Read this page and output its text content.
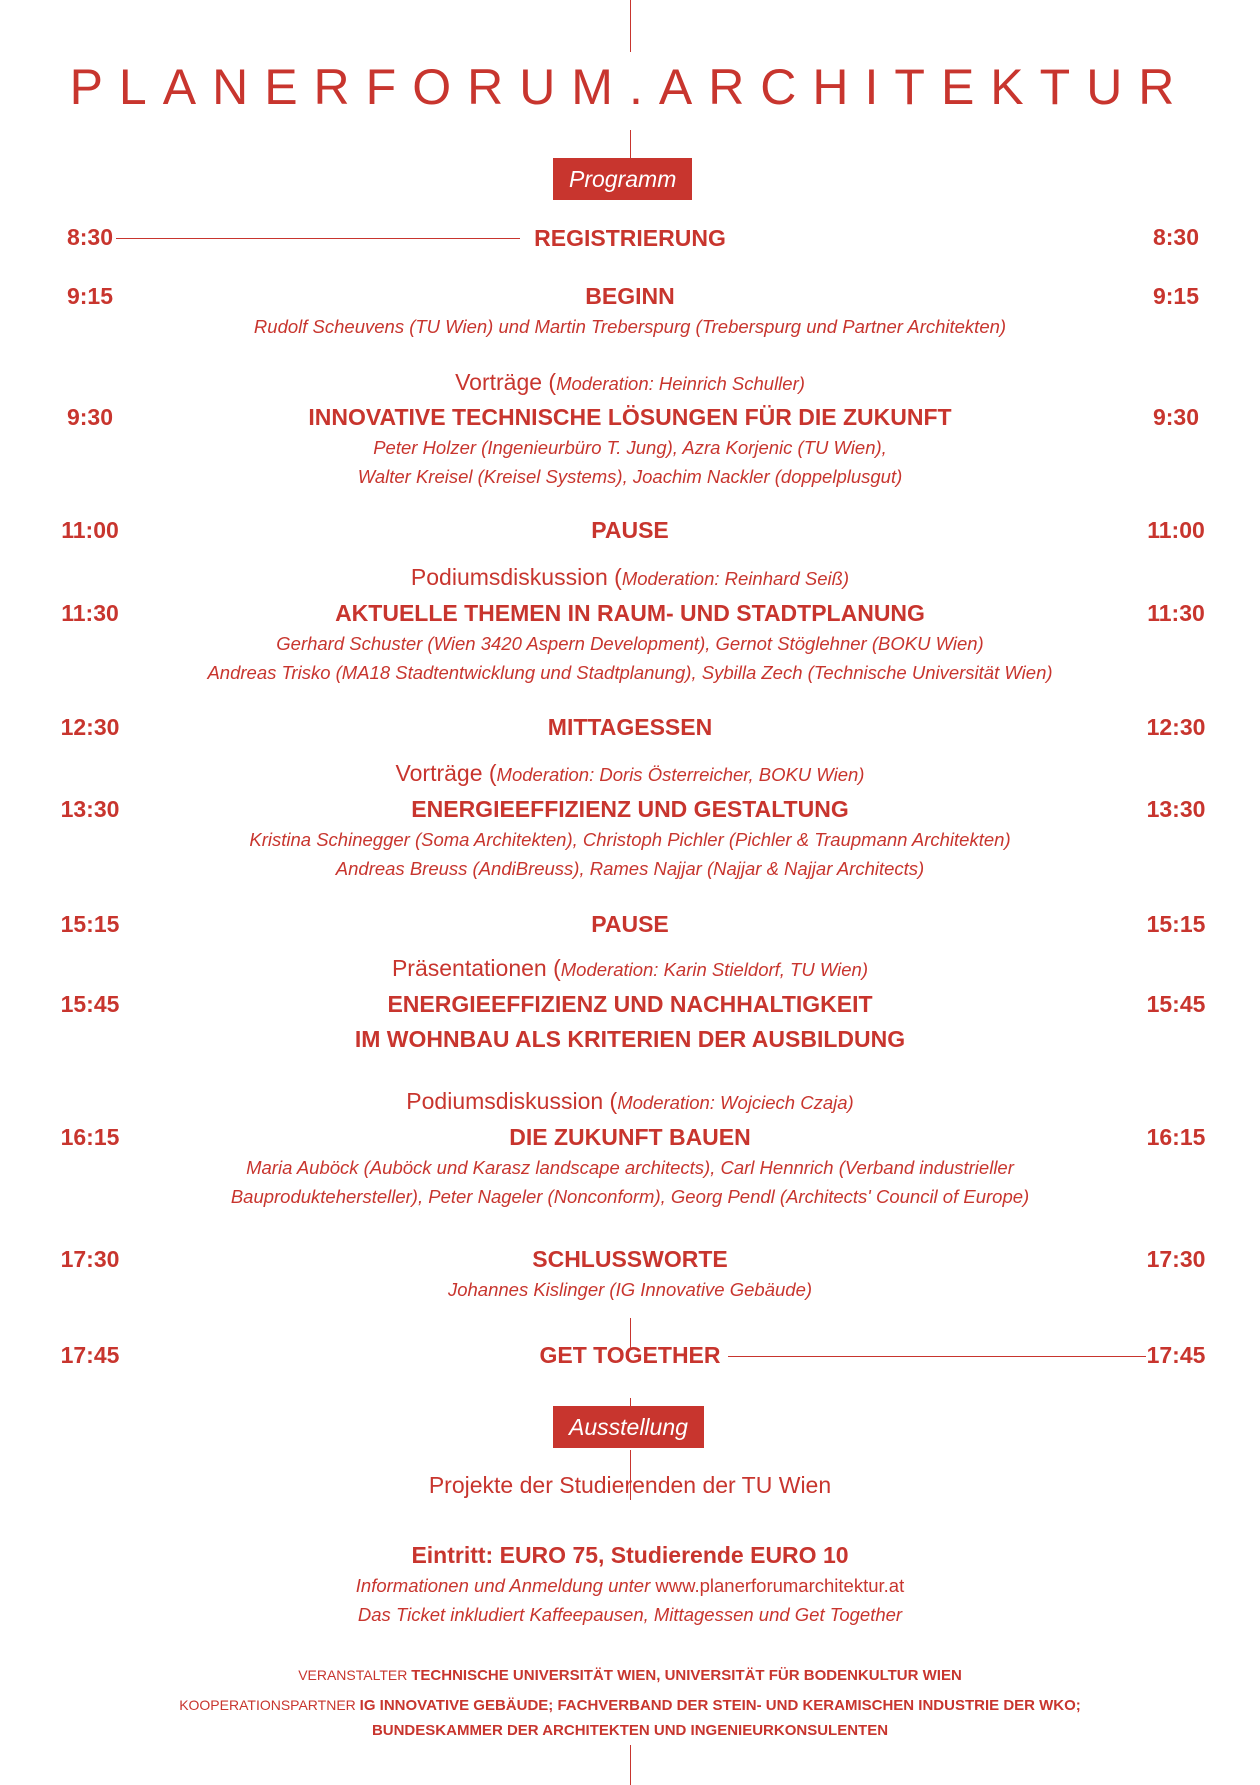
PLANERFORUM.ARCHITEKTUR
Programm
8:30	REGISTRIERUNG	8:30
9:15	BEGINN	9:15
Rudolf Scheuvens (TU Wien) und Martin Treberspurg (Treberspurg und Partner Architekten)
Vorträge (Moderation: Heinrich Schuller)
9:30	INNOVATIVE TECHNISCHE LÖSUNGEN FÜR DIE ZUKUNFT	9:30
Peter Holzer (Ingenieurbüro T. Jung), Azra Korjenic (TU Wien),
Walter Kreisel (Kreisel Systems), Joachim Nackler (doppelplusgut)
11:00	PAUSE	11:00
Podiumsdiskussion (Moderation: Reinhard Seiß)
11:30	AKTUELLE THEMEN IN RAUM- UND STADTPLANUNG	11:30
Gerhard Schuster (Wien 3420 Aspern Development), Gernot Stöglehner (BOKU Wien)
Andreas Trisko (MA18 Stadtentwicklung und Stadtplanung), Sybilla Zech (Technische Universität Wien)
12:30	MITTAGESSEN	12:30
Vorträge (Moderation: Doris Österreicher, BOKU Wien)
13:30	ENERGIEEFFIZIENZ UND GESTALTUNG	13:30
Kristina Schinegger (Soma Architekten), Christoph Pichler (Pichler & Traupmann Architekten)
Andreas Breuss (AndiBreuss), Rames Najjar (Najjar & Najjar Architects)
15:15	PAUSE	15:15
Präsentationen (Moderation: Karin Stieldorf, TU Wien)
15:45	ENERGIEEFFIZIENZ UND NACHHALTIGKEIT	15:45
IM WOHNBAU ALS KRITERIEN DER AUSBILDUNG
Podiumsdiskussion (Moderation: Wojciech Czaja)
16:15	DIE ZUKUNFT BAUEN	16:15
Maria Auböck (Auböck und Karasz landscape architects), Carl Hennrich (Verband industrieller
Bauproduktehersteller), Peter Nageler (Nonconform), Georg Pendl (Architects' Council of Europe)
17:30	SCHLUSSWORTE	17:30
Johannes Kislinger (IG Innovative Gebäude)
17:45	GET TOGETHER	17:45
Ausstellung
Projekte der Studierenden der TU Wien
Eintritt: EURO 75, Studierende EURO 10
Informationen und Anmeldung unter www.planerforumarchitektur.at
Das Ticket inkludiert Kaffeepausen, Mittagessen und Get Together
VERANSTALTER TECHNISCHE UNIVERSITÄT WIEN, UNIVERSITÄT FÜR BODENKULTUR WIEN
KOOPERATIONSPARTNER IG INNOVATIVE GEBÄUDE; FACHVERBAND DER STEIN- UND KERAMISCHEN INDUSTRIE DER WKO;
BUNDESKAMMER DER ARCHITEKTEN UND INGENIEURKONSULENTEN
